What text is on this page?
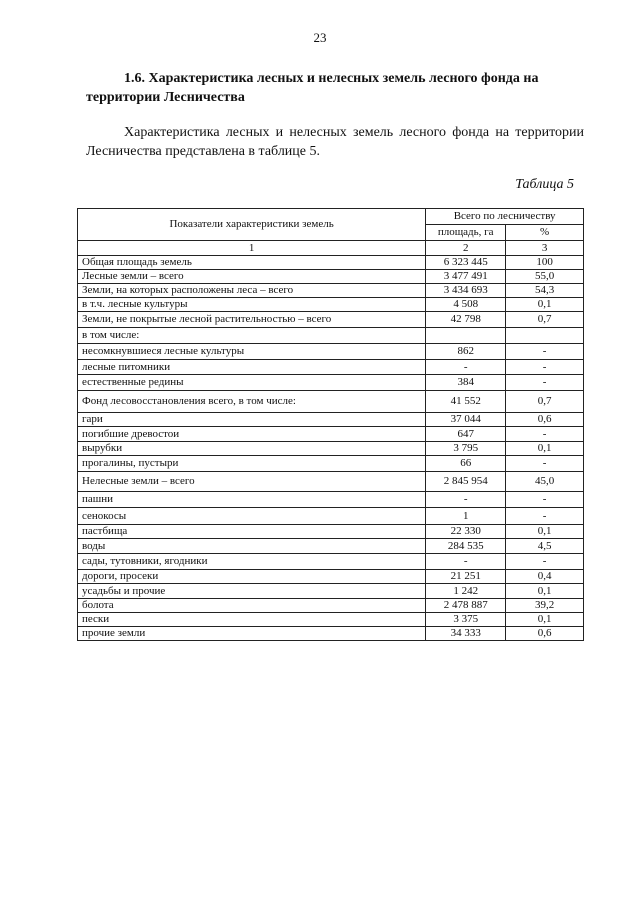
23
1.6. Характеристика лесных и нелесных земель лесного фонда на территории Лесничества
Характеристика лесных и нелесных земель лесного фонда на территории Лесничества представлена в таблице 5.
Таблица 5
Показатели характеристики земель	Всего по лесничеству	
	площадь, га	%
1	2	3
Общая площадь земель	6 323 445	100
Лесные земли – всего	3 477 491	55,0
Земли, на которых расположены леса – всего	3 434 693	54,3
в т.ч. лесные культуры	4 508	0,1
Земли, не покрытые лесной растительностью – всего	42 798	0,7
в том числе:		
несомкнувшиеся лесные культуры	862	-
лесные питомники	-	-
естественные редины	384	-
Фонд лесовосстановления всего, в том числе:	41 552	0,7
гари	37 044	0,6
погибшие древостои	647	-
вырубки	3 795	0,1
прогалины, пустыри	66	-
Нелесные земли – всего	2 845 954	45,0
пашни	-	-
сенокосы	1	-
пастбища	22 330	0,1
воды	284 535	4,5
сады, тутовники, ягодники	-	-
дороги, просеки	21 251	0,4
усадьбы и прочие	1 242	0,1
болота	2 478 887	39,2
пески	3 375	0,1
прочие земли	34 333	0,6
